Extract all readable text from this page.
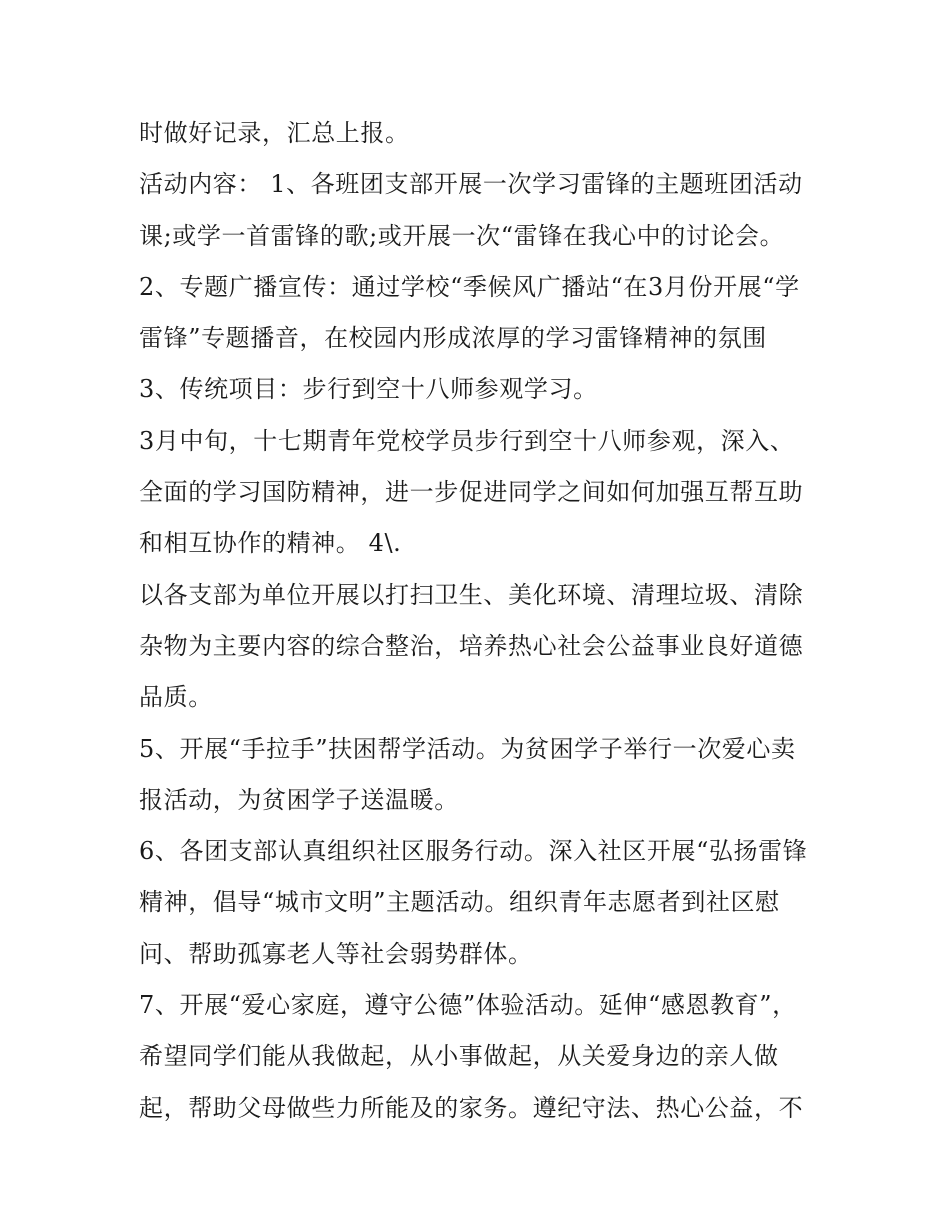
时做好记录，汇总上报。
活动内容： 1、各班团支部开展一次学习雷锋的主题班团活动
课;或学一首雷锋的歌;或开展一次“雷锋在我心中的讨论会。
2、专题广播宣传：通过学校“季候风广播站“在3月份开展“学
雷锋”专题播音，在校园内形成浓厚的学习雷锋精神的氛围
3、传统项目：步行到空十八师参观学习。
3月中旬，十七期青年党校学员步行到空十八师参观，深入、
全面的学习国防精神，进一步促进同学之间如何加强互帮互助
和相互协作的精神。 4\.
以各支部为单位开展以打扫卫生、美化环境、清理垃圾、清除
杂物为主要内容的综合整治，培养热心社会公益事业良好道德
品质。
5、开展“手拉手”扶困帮学活动。为贫困学子举行一次爱心卖
报活动，为贫困学子送温暖。
6、各团支部认真组织社区服务行动。深入社区开展“弘扬雷锋
精神，倡导“城市文明”主题活动。组织青年志愿者到社区慰
问、帮助孤寡老人等社会弱势群体。
7、开展“爱心家庭，遵守公德”体验活动。延伸“感恩教育”，
希望同学们能从我做起，从小事做起，从关爱身边的亲人做
起，帮助父母做些力所能及的家务。遵纪守法、热心公益，不
